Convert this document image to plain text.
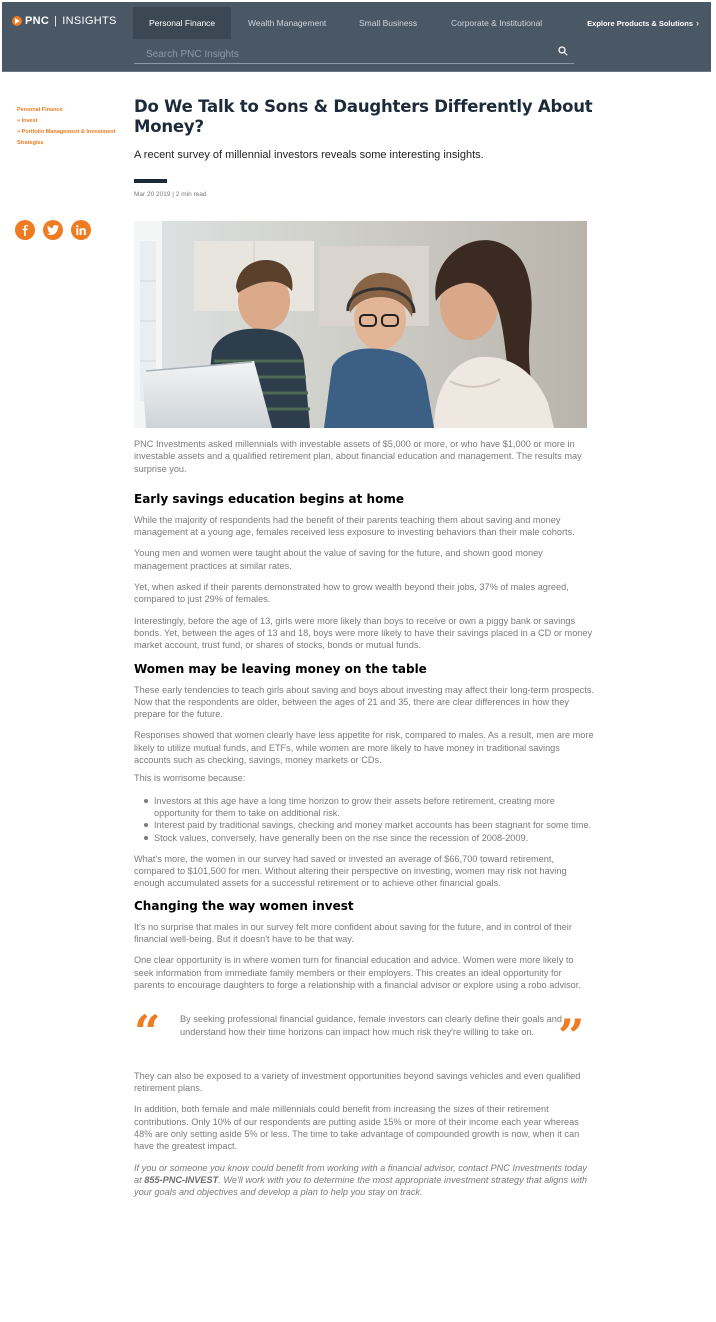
PNC | INSIGHTS	Personal Finance	Wealth Management	Small Business	Corporate & Institutional	Explore Products & Solutions ›
Search PNC Insights
Personal Finance
» Invest
» Portfolio Management & Investment Strategies
Do We Talk to Sons & Daughters Differently About Money?

A recent survey of millennial investors reveals some interesting insights.

Mar 20 2019 | 2 min read

PNC Investments asked millennials with investable assets of $5,000 or more, or who have $1,000 or more in investable assets and a qualified retirement plan, about financial education and management. The results may surprise you.

Early savings education begins at home

While the majority of respondents had the benefit of their parents teaching them about saving and money management at a young age, females received less exposure to investing behaviors than their male cohorts.

Young men and women were taught about the value of saving for the future, and shown good money management practices at similar rates.

Yet, when asked if their parents demonstrated how to grow wealth beyond their jobs, 37% of males agreed, compared to just 29% of females.

Interestingly, before the age of 13, girls were more likely than boys to receive or own a piggy bank or savings bonds. Yet, between the ages of 13 and 18, boys were more likely to have their savings placed in a CD or money market account, trust fund, or shares of stocks, bonds or mutual funds.

Women may be leaving money on the table

These early tendencies to teach girls about saving and boys about investing may affect their long-term prospects. Now that the respondents are older, between the ages of 21 and 35, there are clear differences in how they prepare for the future.

Responses showed that women clearly have less appetite for risk, compared to males. As a result, men are more likely to utilize mutual funds, and ETFs, while women are more likely to have money in traditional savings accounts such as checking, savings, money markets or CDs.

This is worrisome because:

Investors at this age have a long time horizon to grow their assets before retirement, creating more opportunity for them to take on additional risk.
Interest paid by traditional savings, checking and money market accounts has been stagnant for some time.
Stock values, conversely, have generally been on the rise since the recession of 2008-2009.

What's more, the women in our survey had saved or invested an average of $66,700 toward retirement, compared to $101,500 for men. Without altering their perspective on investing, women may risk not having enough accumulated assets for a successful retirement or to achieve other financial goals.

Changing the way women invest

It's no surprise that males in our survey felt more confident about saving for the future, and in control of their financial well-being. But it doesn't have to be that way.

One clear opportunity is in where women turn for financial education and advice. Women were more likely to seek information from immediate family members or their employers. This creates an ideal opportunity for parents to encourage daughters to forge a relationship with a financial advisor or explore using a robo advisor.

“ By seeking professional financial guidance, female investors can clearly define their goals and understand how their time horizons can impact how much risk they're willing to take on. ”

They can also be exposed to a variety of investment opportunities beyond savings vehicles and even qualified retirement plans.

In addition, both female and male millennials could benefit from increasing the sizes of their retirement contributions. Only 10% of our respondents are putting aside 15% or more of their income each year whereas 48% are only setting aside 5% or less. The time to take advantage of compounded growth is now, when it can have the greatest impact.

If you or someone you know could benefit from working with a financial advisor, contact PNC Investments today at 855-PNC-INVEST. We'll work with you to determine the most appropriate investment strategy that aligns with your goals and objectives and develop a plan to help you stay on track.
